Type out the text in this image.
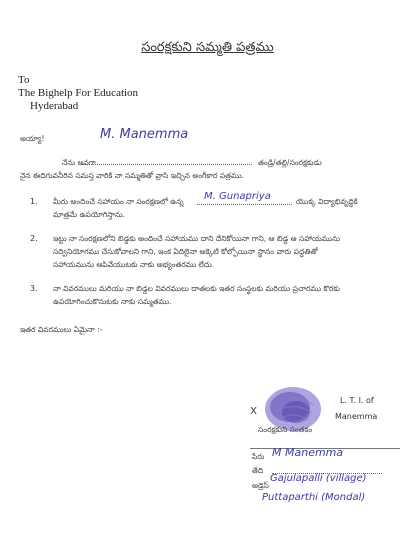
సంరక్షకుని సమ్మతి పత్రము
To
The Bighelp For Education
Hyderabad
అయ్యా!	M. Manemma
నేను అనగా	తండ్రి/తల్లి/సంరక్షకుడు
నైన ఈదిగువనీరిన సమస్త వారికి నా సమ్మతితో వ్రాసి ఇచ్చిన అంగీకార పత్రము.
1. మీరు అందించే సహాయం నా సంరక్షణలో ఉన్న M. Gunapriya	యొక్క విద్యాభివృద్ధికి
మాత్రమే ఉపయోగిస్తాను.
2. ఇట్టు నా సంరక్షణలోని బిడ్డకు అందించే సహాయము దాని దేనికోయినా గాని, ఆ బిడ్డ ఆ సహాయమును
సద్వినియోగము చేసుకోవాలని గాని, ఇంక ఏదిలైనా అక్కెటి కోల్పోయినా స్థానం వారు పద్ధతితో
సహాయమును ఆపివేయుటకు నాకు అభ్యంతరము లేదు.
3. నా వివరములు మరియు నా బిడ్డల వివరములు దాతలకు ఇతర సంస్థలకు మరియు ప్రచారము కొరకు
ఉపయోగించుకొనుటకు నాకు సమ్మతము.
ఇతర వివరములు ఏమైనా :-
x
L. T. I. of
Manemma
సంరక్షకుని సంతకం
పేరు M Manemma
తేది
అడ్రెస్
Gajulapalli (village)
Puttaparthi (Mondal)
